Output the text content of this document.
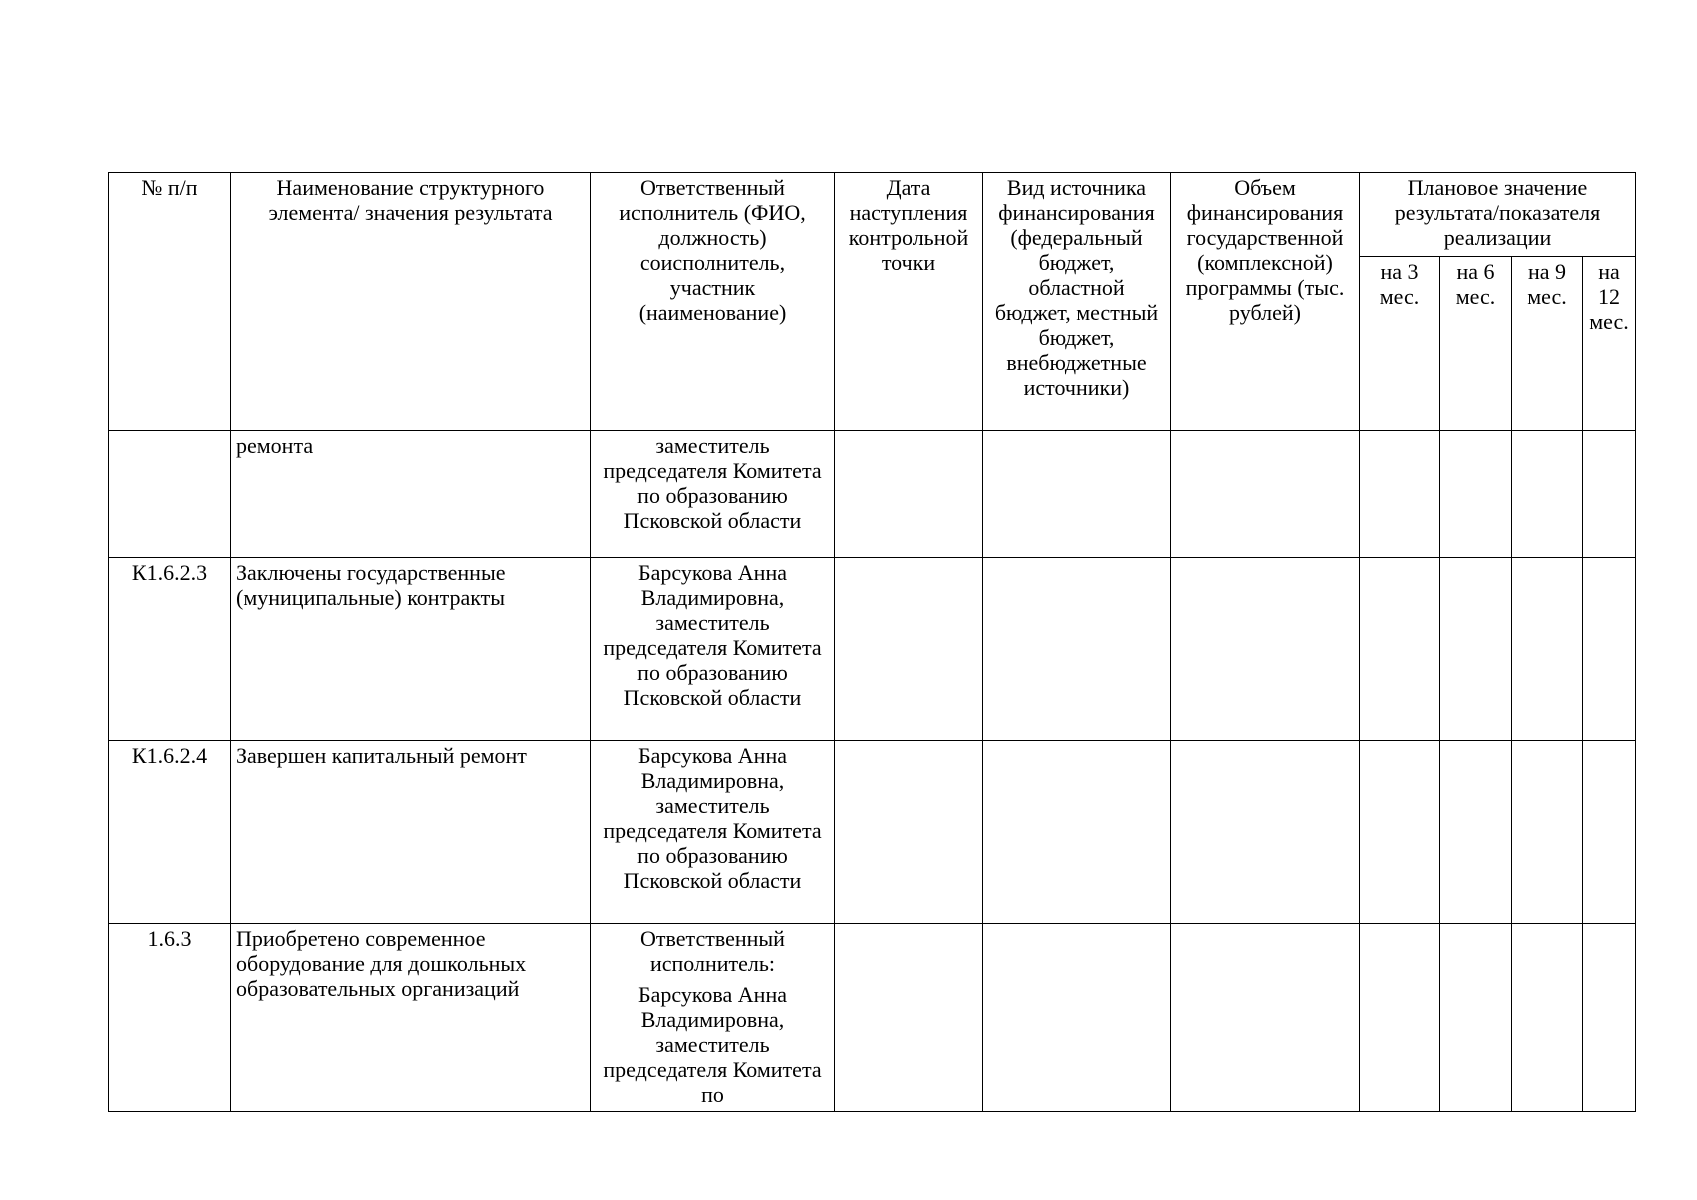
№ п/п	Наименование структурного элемента/ значения результата	Ответственный исполнитель (ФИО, должность) соисполнитель, участник (наименование)	Дата наступления контрольной точки	Вид источника финансирования (федеральный бюджет, областной бюджет, местный бюджет, внебюджетные источники)	Объем финансирования государственной (комплексной) программы (тыс. рублей)	Плановое значение результата/показателя реализации			
						на 3 мес.	на 6 мес.	на 9 мес.	на 12 мес.
	ремонта	заместитель председателя Комитета по образованию Псковской области							

К1.6.2.3	Заключены государственные (муниципальные) контракты	Барсукова Анна Владимировна, заместитель председателя Комитета по образованию Псковской области							

К1.6.2.4	Завершен капитальный ремонт	Барсукова Анна Владимировна, заместитель председателя Комитета по образованию Псковской области							

1.6.3	Приобретено современное оборудование для дошкольных образовательных организаций	Ответственный исполнитель:
Барсукова Анна Владимировна, заместитель председателя Комитета по							
